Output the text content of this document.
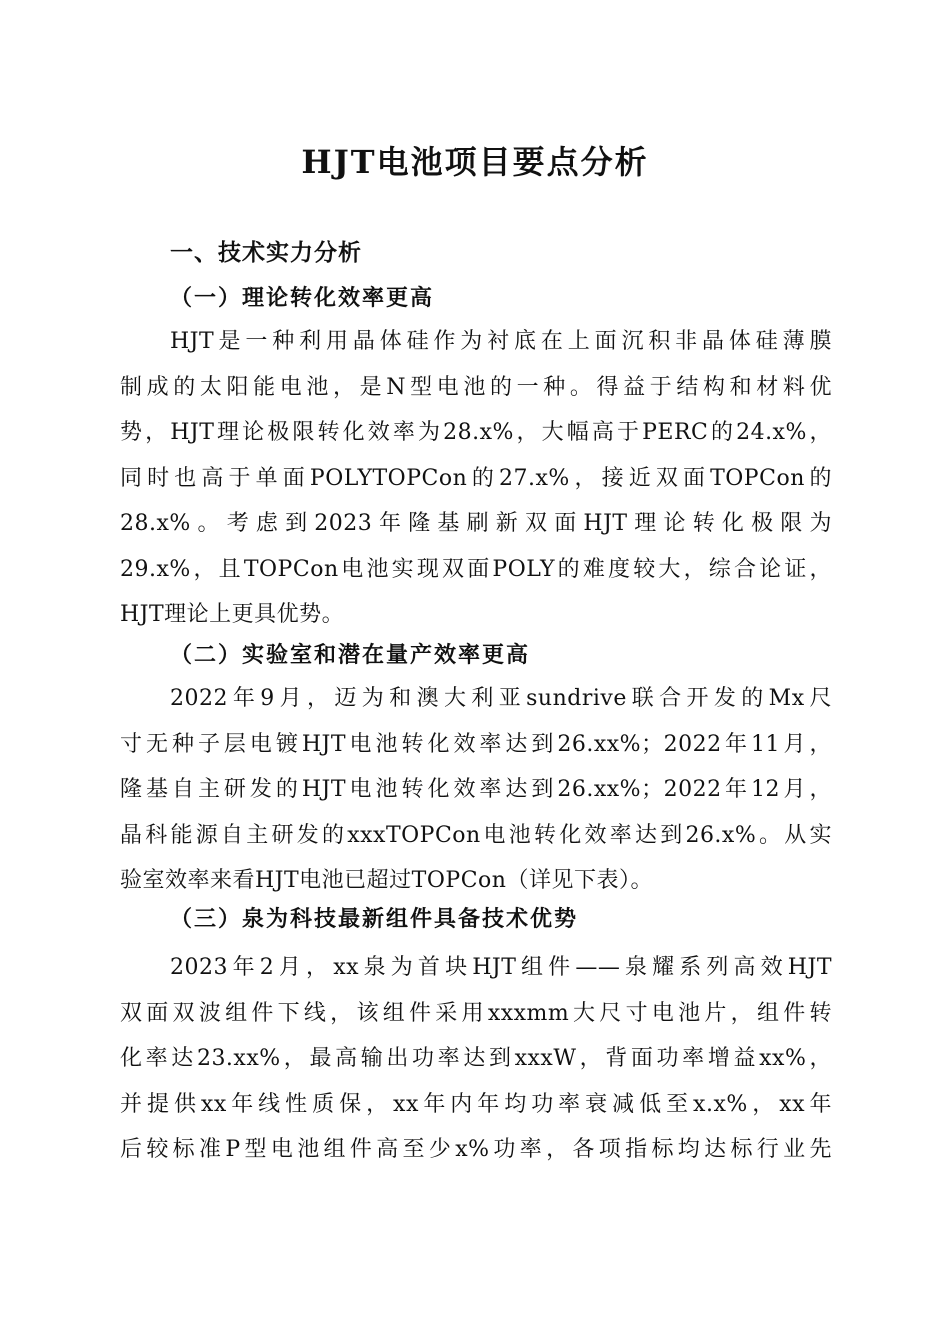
HJT电池项目要点分析
一、技术实力分析
（一）理论转化效率更高
HJT是一种利用晶体硅作为衬底在上面沉积非晶体硅薄膜
制成的太阳能电池，是N型电池的一种。得益于结构和材料优
势，HJT理论极限转化效率为28.x%，大幅高于PERC的24.x%，
同时也高于单面POLYTOPCon的27.x%，接近双面TOPCon的
28.x%。考虑到2023年隆基刷新双面HJT理论转化极限为
29.x%，且TOPCon电池实现双面POLY的难度较大，综合论证，
HJT理论上更具优势。
（二）实验室和潜在量产效率更高
2022年9月，迈为和澳大利亚sundrive联合开发的Mx尺
寸无种子层电镀HJT电池转化效率达到26.xx%；2022年11月，
隆基自主研发的HJT电池转化效率达到26.xx%；2022年12月，
晶科能源自主研发的xxxTOPCon电池转化效率达到26.x%。从实
验室效率来看HJT电池已超过TOPCon（详见下表）。
（三）泉为科技最新组件具备技术优势
2023年2月，xx泉为首块HJT组件——泉耀系列高效HJT
双面双波组件下线，该组件采用xxxmm大尺寸电池片，组件转
化率达23.xx%，最高输出功率达到xxxW，背面功率增益xx%，
并提供xx年线性质保，xx年内年均功率衰减低至x.x%，xx年
后较标准P型电池组件高至少x%功率，各项指标均达标行业先
